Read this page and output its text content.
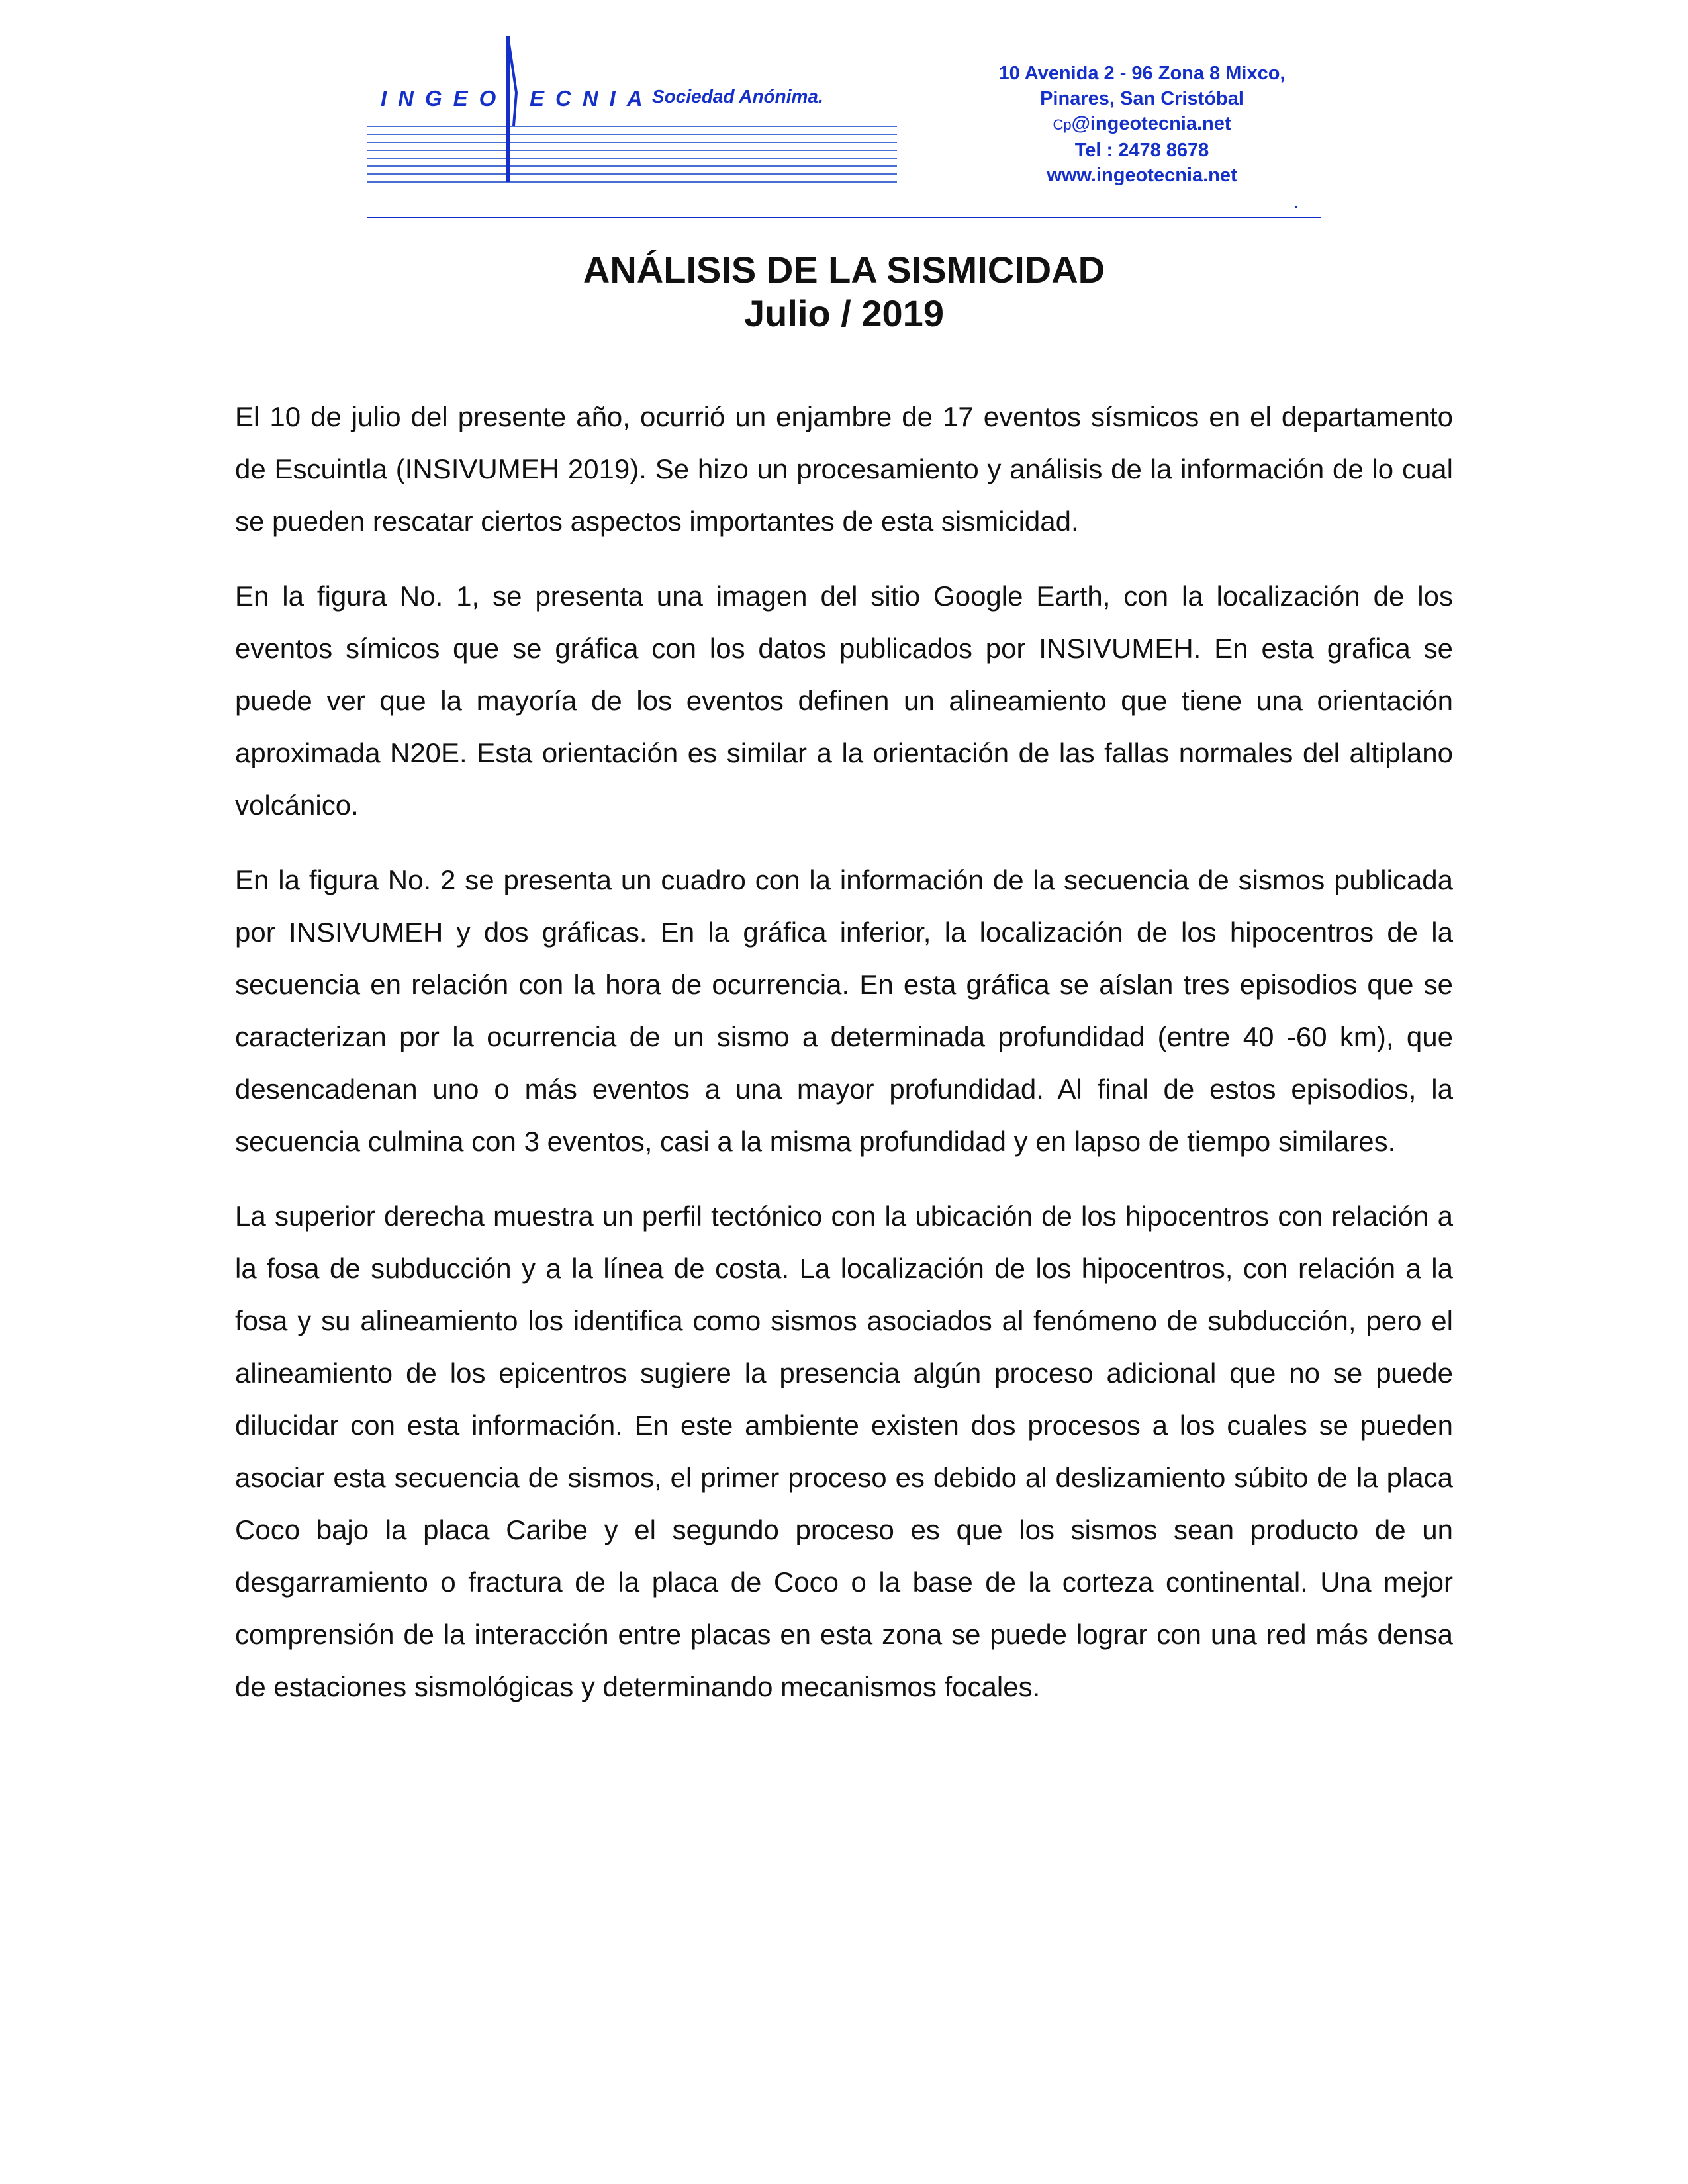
INGEO ECNIA
Sociedad Anónima.
10 Avenida 2 - 96 Zona 8 Mixco,
Pinares, San Cristóbal
Cp@ingeotecnia.net
Tel : 2478 8678
www.ingeotecnia.net
ANÁLISIS DE LA SISMICIDAD
Julio / 2019

El 10 de julio del presente año, ocurrió un enjambre de 17 eventos sísmicos en el departamento de Escuintla (INSIVUMEH 2019). Se hizo un procesamiento y análisis de la información de lo cual se pueden rescatar ciertos aspectos importantes de esta sismicidad.

En la figura No. 1, se presenta una imagen del sitio Google Earth, con la localización de los eventos símicos que se gráfica con los datos publicados por INSIVUMEH. En esta grafica se puede ver que la mayoría de los eventos definen un alineamiento que tiene una orientación aproximada N20E. Esta orientación es similar a la orientación de las fallas normales del altiplano volcánico.

En la figura No. 2 se presenta un cuadro con la información de la secuencia de sismos publicada por INSIVUMEH y dos gráficas. En la gráfica inferior, la localización de los hipocentros de la secuencia en relación con la hora de ocurrencia. En esta gráfica se aíslan tres episodios que se caracterizan por la ocurrencia de un sismo a determinada profundidad (entre 40 -60 km), que desencadenan uno o más eventos a una mayor profundidad. Al final de estos episodios, la secuencia culmina con 3 eventos, casi a la misma profundidad y en lapso de tiempo similares.

La superior derecha muestra un perfil tectónico con la ubicación de los hipocentros con relación a la fosa de subducción y a la línea de costa. La localización de los hipocentros, con relación a la fosa y su alineamiento los identifica como sismos asociados al fenómeno de subducción, pero el alineamiento de los epicentros sugiere la presencia algún proceso adicional que no se puede dilucidar con esta información. En este ambiente existen dos procesos a los cuales se pueden asociar esta secuencia de sismos, el primer proceso es debido al deslizamiento súbito de la placa Coco bajo la placa Caribe y el segundo proceso es que los sismos sean producto de un desgarramiento o fractura de la placa de Coco o la base de la corteza continental. Una mejor comprensión de la interacción entre placas en esta zona se puede lograr con una red más densa de estaciones sismológicas y determinando mecanismos focales.
